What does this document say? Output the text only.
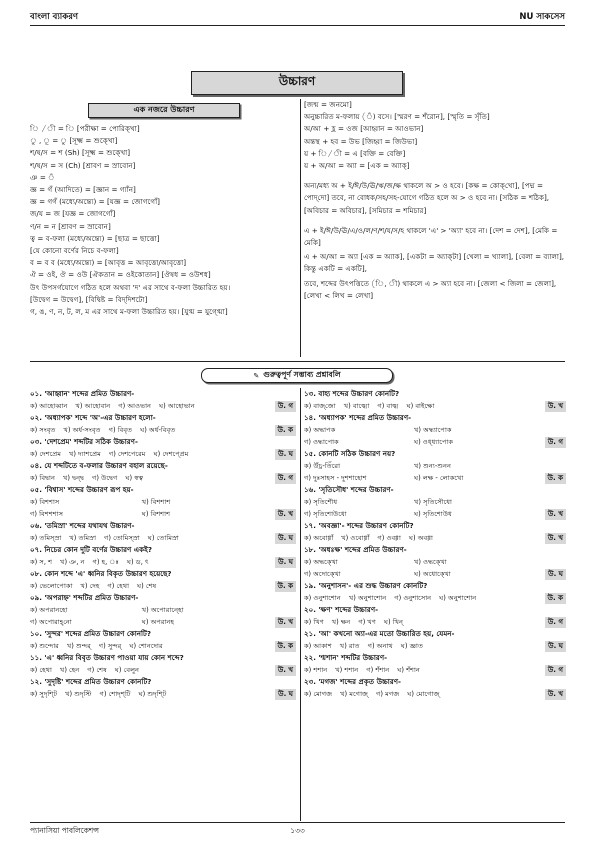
বাংলা ব্যাকরণ	NU সাকসেস
উচ্চারণ
এক নজরে উচ্চারণ
ি /ী = ি [পরীক্ষা = পোরিক্খা]
ু , ূ = ু [সূক্ষ্ম = শুক্খো]
শ/ষ/স = শ (Sh) [সূক্ষ্ম = শুক্খো]
শ/ষ/স = স (Ch) [শ্রাবণ = স্রাবোন]
ঞ = ঁ
জ্ঞ = গঁ (আদিতে) = [জ্ঞান = গ্যাঁন]
জ্ঞ = গগঁ (মধ্যে/অন্ত্যে) = [যজ্ঞ = জোগগোঁ]
জ/য = জ [যজ্ঞ = জোগগোঁ]
ণ/ন = ন [শ্রাবণ = স্রাবোন]
ত্ব = ব-ফলা (মধ্যে/অন্ত্যে) = [ছাত্র = ছাত্তো]
[যে কোনো বর্ণের নিচে ব-ফলা]
ব = ব ব (মধ্যে/অন্ত্যে) = [আবৃত্ত = আবৃত্তো/আবৃত্তো]
ঐ = ওই, ঔ = ওউ [ঐকতান = ওইকোতান] [ঔষধ = ওউশধ]
উৎ উপসর্গযোগে গঠিত হলে অথবা 'দ' এর সাথে ব-ফলা উচ্চারিত হয়।
[উদ্বেগ = উদ্বেগ], [বিদ্বিষ্ট = বিদ্‌দিশটো]
গ, ঙ, ণ, ন, ট, ল, ম এর সাথে ম-ফলা উচ্চারিত হয়। [যুগ্ম = যুগ্গ্মো]
[জন্ম = জনমো]
অনুচ্চারিত ম-ফলায় (ঁ) বসে। [স্মরণ = শঁরোন], [স্মৃতি = সৃঁতি]
অ/আ + হ্ল = ওজ [আহ্বান = আওভান]
অন্তস্থ + হব = উভ [জিহ্বা = জিউভা]
য় + ি/ী = এ [বক্তি = বেক্তি]
য় + অ/আ = অ্যা = [এক = অ্যাক্]
অন্য/মধ্য অ + ই/ঈ/উ/ঊ/ঋ/জ/ক্ষ থাকলে অ > ও হবে। [কক্ষ = কোক্‌খো], [পদ্ম = পোদ্‌দো] তবে, না বোধক/সহ/সহ-যোগে গঠিত হলে অ > ও হবে না। [সঠিক = শঠিক], [অবিচার = অবিচার], [সমিচার = শমিচার]
এ + ই/ঈ/উ/ঊ/এ/ও/ল/ণ/শ/য/স/হ থাকলে 'এ' > 'অ্যা' হবে না। [দেশ = দেশ], [মেকি = মেকি]
এ + অ/আ = অ্যা [এক = অ্যাক], [একটা = অ্যাক্‌টা] [খেলা = খ্যালা], [বেলা = ব্যালা], কিন্তু একটি = একটি],
তবে, শব্দের উৎপত্তিতে (ি, ী) থাকলে এ > অ্যা হবে না। [জেলা < জিলা = জেলা], [লেখা < লিখ = লেখা]
✎ গুরুত্বপূর্ণ সম্ভাব্য প্রশ্নাবলি
০১. 'আহ্বান' শব্দের প্রমিত উচ্চারণ-
ক) আহোব্বান খ) আহোবান গ) আওভান ঘ) আহোভান	উ. গ
০২. 'অধ্যাপক' শব্দে 'অ'-এর উচ্চারণ হলো-
ক) সংবৃত খ) অর্ধ-সংবৃত গ) বিবৃত ঘ) অর্ধ-বিবৃত	উ. ক
০৩. 'দেশপ্রেম' শব্দটির সঠিক উচ্চারণ-
ক) দেশপ্রেম খ) দ্যাশপ্রেম গ) দেশপেরেম ঘ) দেশপ্প্রেম	উ. ঘ
০৪. যে শব্দটিতে ব-ফলার উচ্চারণ বহাল রয়েছে-
ক) বিদ্বান খ) দ্বন্দ্ব গ) উদ্বেগ ঘ) স্বত্ব	উ. গ
০৫. 'বিশ্বাস' শব্দের উচ্চারণ রূপ হয়-
ক) বিশশাস	খ) বিশশাশ
গ) বিশশশাস	ঘ) বিশশাশ	উ. খ
০৬. 'তমিস্রা' শব্দের যথাযথ উচ্চারণ-
ক) তমিস্স্রা খ) তমিস্রা গ) তোমিস্স্রা ঘ) তোমিস্রা	উ. ঘ
০৭. নিচের কোন দুটি বর্ণের উচ্চারণ একই?
ক) স, শ খ) ঞ, ন গ) হ, ঃ ঘ) ড, ৎ	উ. ঘ
০৮. কোন শব্দে 'এ' ধ্বনির বিকৃত উচ্চারণ হয়েছে?
ক) ভেলোপোকা খ) দেহ গ) হেথা ঘ) শেষ	উ. ক
০৯. 'অপরাহ্ন' শব্দটির প্রমিত উচ্চারণ-
ক) অপরানহো	খ) অপোরান্হো
গ) অপোরাহ্‌নো	ঘ) অপরানহ	উ. খ
১০. 'সুন্দর' শব্দের প্রমিত উচ্চারণ কোনটি?
ক) শুন্দোর খ) শুন্দর্ গ) সুন্দর্ ঘ) শোনদোর	উ. ক
১১. 'এ' ধ্বনির বিবৃত উচ্চারণ পাওয়া যায় কোন শব্দে?
ক) হেথা খ) হেন গ) শেষ ঘ) বেলুন	উ. খ
১২. 'সুদৃষ্টি' শব্দের প্রমিত উচ্চারণ কোনটি?
ক) সুদৃশ্টি খ) শুদৃস্টি গ) শোদৃশ্‌টি ঘ) শুদৃশ্টি	উ. ঘ
১৩. বাহ্য শব্দের উচ্চারণ কোনটি?
ক) বাজ্‌জো খ) বাজ্ঝো গ) বাজ্ঝ ঘ) বাইক্ষো	উ. খ
১৪. 'অধ্যাপক' শব্দের প্রমিত উচ্চারণ-
ক) অদ্ধাপক	খ) অদ্ধ্যাপোক
গ) ওদ্ধাপোক	ঘ) ওধ্ধ্যাপোক	উ. গ
১৫. কোনটি সঠিক উচ্চারণ নয়?
ক) উঁচ্র-তিঁরো	খ) শুন্য-শুনন
গ) দুঃসাহস - দুশশাহোশ	ঘ) লক্ষ - লোকখো	উ. ক
১৬. 'সৃতিসৌধ' শব্দের উচ্চারণ-
ক) সৃতিশৌধ	খ) সৃতিসৌধো
গ) সৃতিশোউধো	ঘ) সৃতিশোউধ	উ. খ
১৭. 'অবজ্ঞা'- শব্দের উচ্চারণ কোনটি?
ক) অবোগ্গাঁ খ) ওবোগ্গাঁ গ) ওবগ্গা ঘ) অবগ্গা	উ. খ
১৮. 'অধঃক্ষ' শব্দের প্রমিত উচ্চারণ-
ক) অদ্ধক্খো	খ) ওদ্ধক্খো
গ) অদোক্খো	ঘ) অধোক্খো	উ. ঘ
১৯. 'অনুশাসন'- এর শুদ্ধ উচ্চারণ কোনটি?
ক) ওনুশাশোন খ) অনুশাশোন গ) ওনুশাসোন ঘ) অনুশাশোন	উ. ক
২০. 'ক্ষণ' শব্দের উচ্চারণ-
ক) খিণ খ) ক্ষন গ) খণ ঘ) খিন্	উ. গ
২১. 'আ' কখনো অ্যা-এর মতো উচ্চারিত হয়, যেমন-
ক) আকাশ খ) রাত গ) অনাথ ঘ) জ্ঞাত	উ. ঘ
২২. 'শ্মশান' শব্দটির উচ্চারণ-
ক) শশান খ) শশান গ) শঁশান ঘ) শঁশান	উ. গ
২৩. 'মগজ' শব্দের প্রকৃত উচ্চারণ-
ক) মোগজ খ) মগোজ্ গ) মগজ ঘ) মোগোজ্	উ. খ
প্যানাসিয়া পাবলিকেশন্স	১৩৩
